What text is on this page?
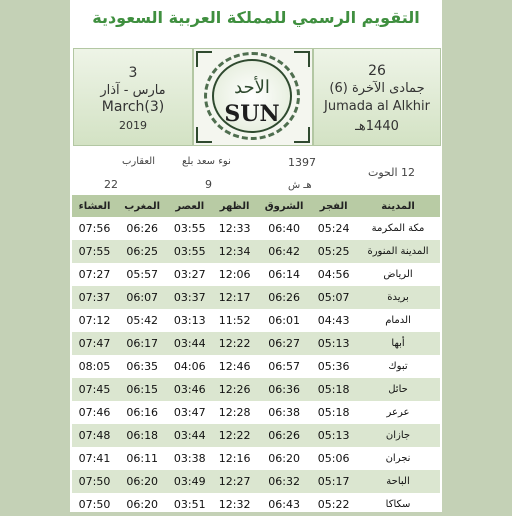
التقويم الرسمي للمملكة العربية السعودية
3
مارس - آذار
March(3)
2019
الأحد
SUN
26
جمادى الآخرة (6)
Jumada al Alkhir
1440هـ
العقارب
22
نوء سعد بلع
9
1397
هـ ش
12 الحوت
العشاء	المغرب	العصر	الظهر	الشروق	الفجر	المدينة
07:56	06:26	03:55	12:33	06:40	05:24	مكة المكرمة
07:55	06:25	03:55	12:34	06:42	05:25	المدينة المنورة
07:27	05:57	03:27	12:06	06:14	04:56	الرياض
07:37	06:07	03:37	12:17	06:26	05:07	بريدة
07:12	05:42	03:13	11:52	06:01	04:43	الدمام
07:47	06:17	03:44	12:22	06:27	05:13	أبها
08:05	06:35	04:06	12:46	06:57	05:36	تبوك
07:45	06:15	03:46	12:26	06:36	05:18	حائل
07:46	06:16	03:47	12:28	06:38	05:18	عرعر
07:48	06:18	03:44	12:22	06:26	05:13	جازان
07:41	06:11	03:38	12:16	06:20	05:06	نجران
07:50	06:20	03:49	12:27	06:32	05:17	الباحة
07:50	06:20	03:51	12:32	06:43	05:22	سكاكا
